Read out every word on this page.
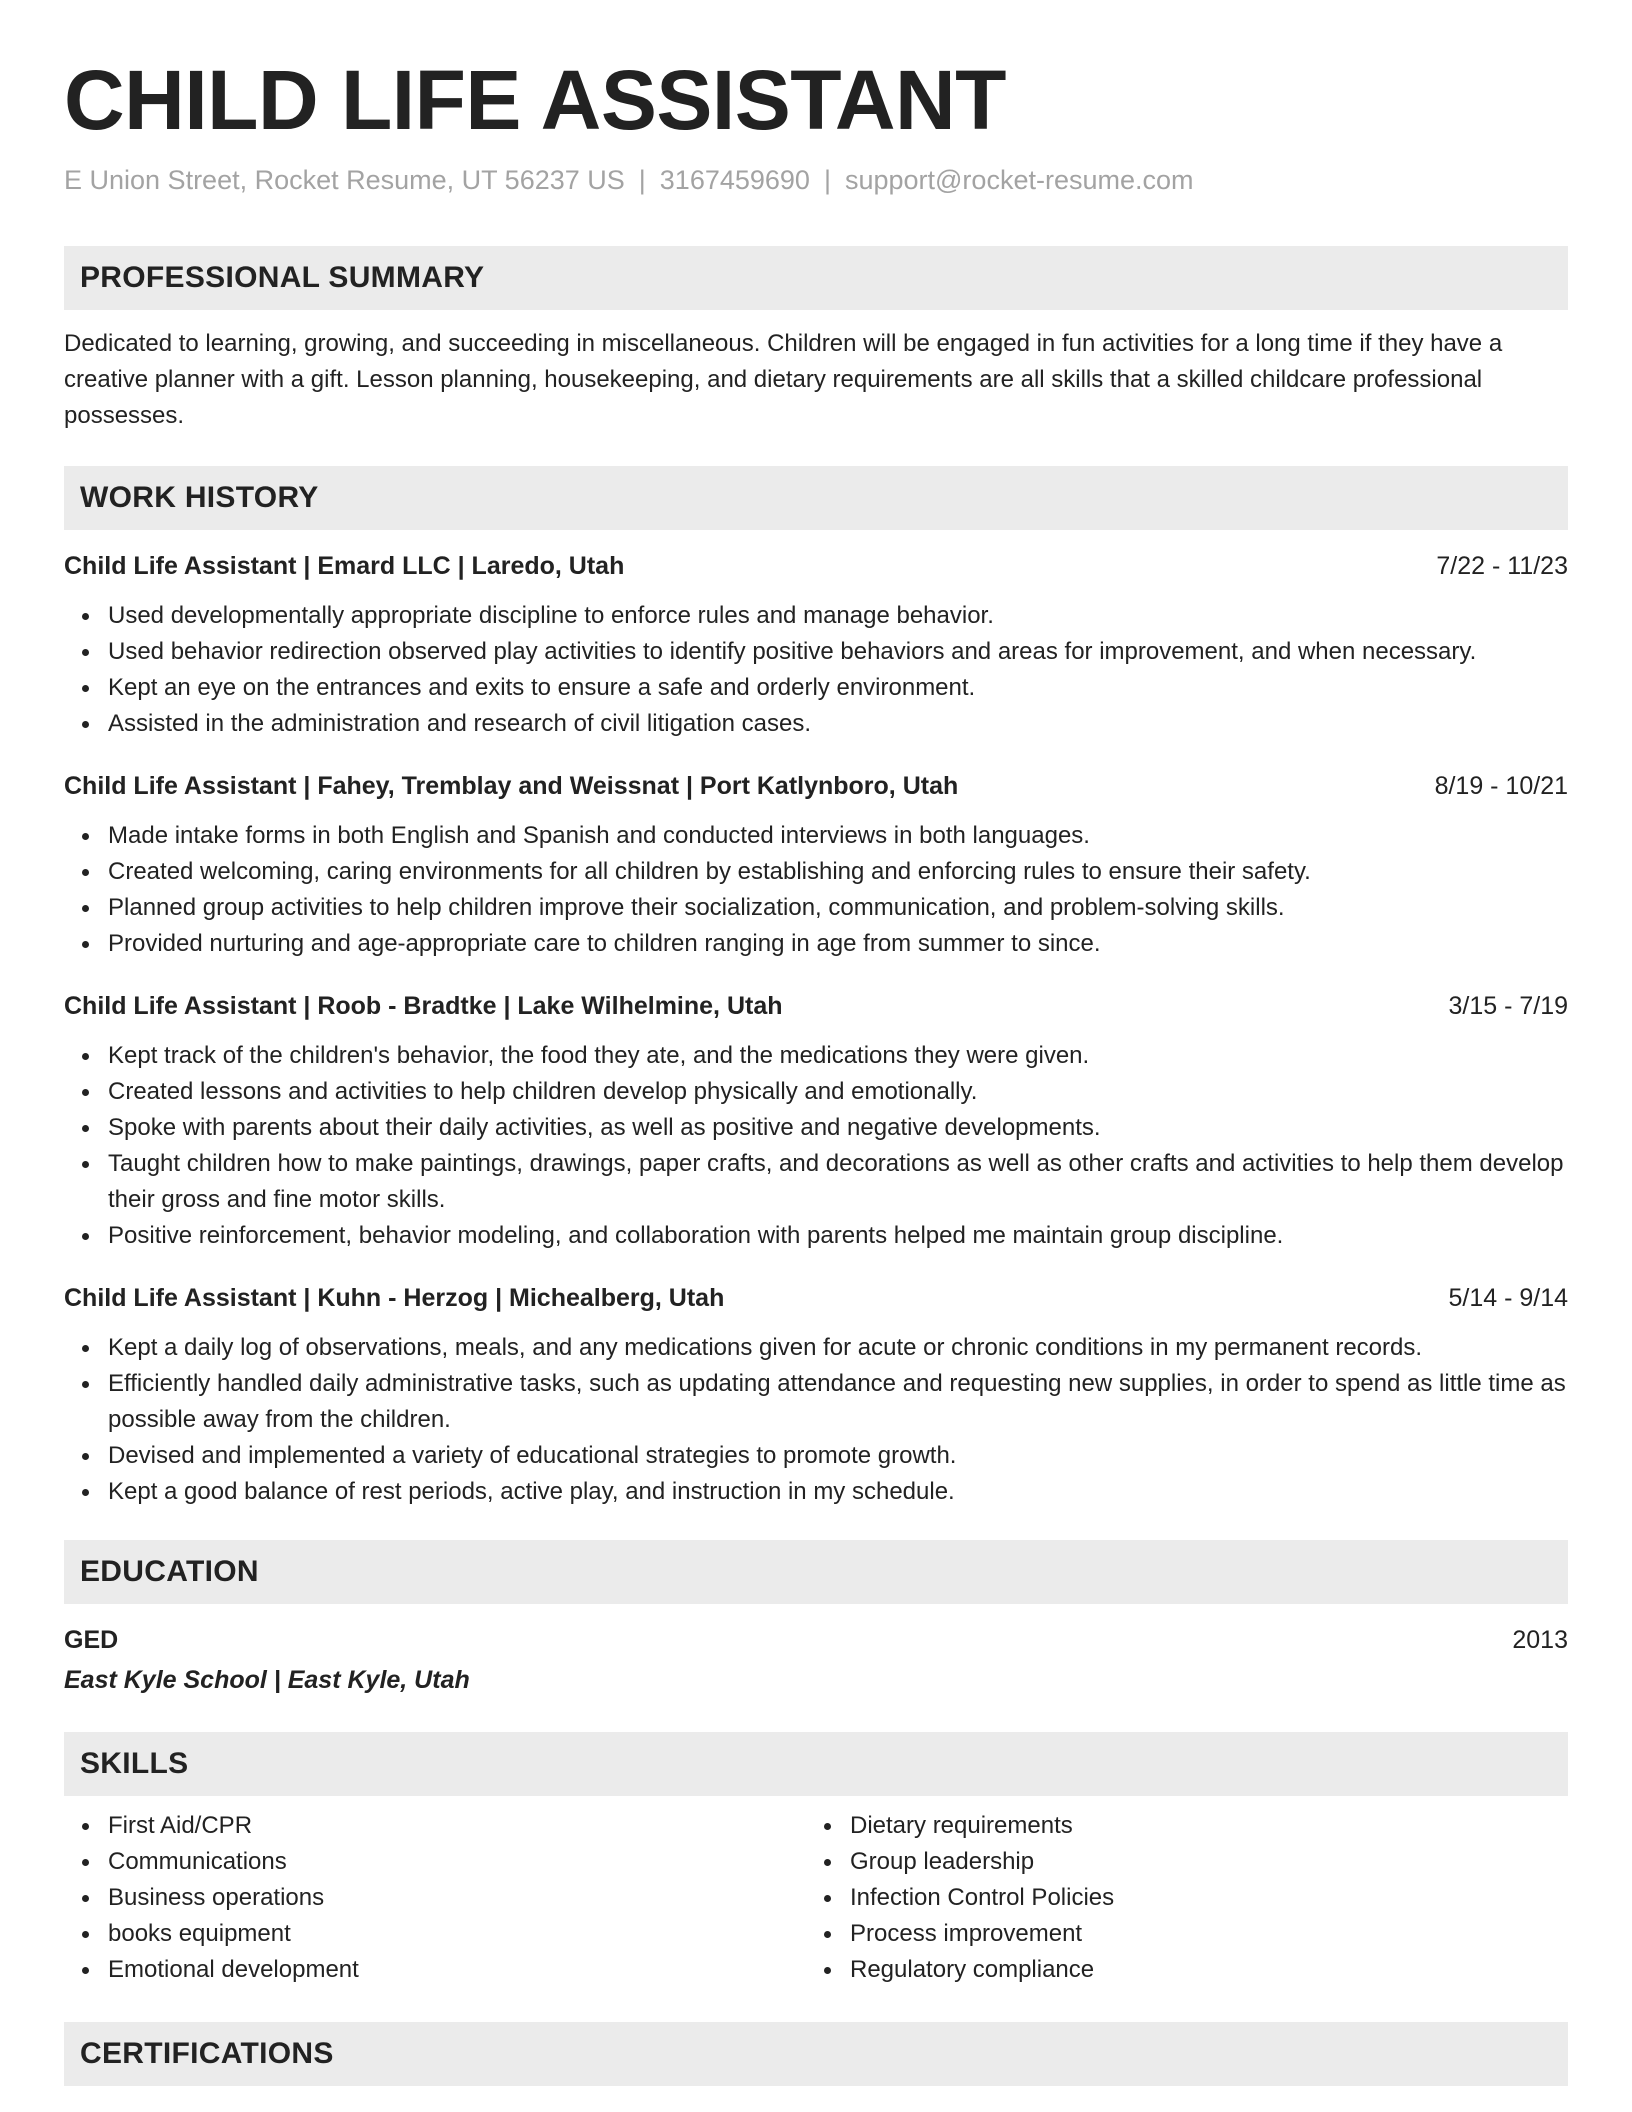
CHILD LIFE ASSISTANT
E Union Street, Rocket Resume, UT 56237 US | 3167459690 | support@rocket-resume.com
PROFESSIONAL SUMMARY
Dedicated to learning, growing, and succeeding in miscellaneous. Children will be engaged in fun activities for a long time if they have a creative planner with a gift. Lesson planning, housekeeping, and dietary requirements are all skills that a skilled childcare professional possesses.
WORK HISTORY
Child Life Assistant | Emard LLC | Laredo, Utah	7/22 - 11/23
Used developmentally appropriate discipline to enforce rules and manage behavior.
Used behavior redirection observed play activities to identify positive behaviors and areas for improvement, and when necessary.
Kept an eye on the entrances and exits to ensure a safe and orderly environment.
Assisted in the administration and research of civil litigation cases.
Child Life Assistant | Fahey, Tremblay and Weissnat | Port Katlynboro, Utah	8/19 - 10/21
Made intake forms in both English and Spanish and conducted interviews in both languages.
Created welcoming, caring environments for all children by establishing and enforcing rules to ensure their safety.
Planned group activities to help children improve their socialization, communication, and problem-solving skills.
Provided nurturing and age-appropriate care to children ranging in age from summer to since.
Child Life Assistant | Roob - Bradtke | Lake Wilhelmine, Utah	3/15 - 7/19
Kept track of the children's behavior, the food they ate, and the medications they were given.
Created lessons and activities to help children develop physically and emotionally.
Spoke with parents about their daily activities, as well as positive and negative developments.
Taught children how to make paintings, drawings, paper crafts, and decorations as well as other crafts and activities to help them develop their gross and fine motor skills.
Positive reinforcement, behavior modeling, and collaboration with parents helped me maintain group discipline.
Child Life Assistant | Kuhn - Herzog | Michealberg, Utah	5/14 - 9/14
Kept a daily log of observations, meals, and any medications given for acute or chronic conditions in my permanent records.
Efficiently handled daily administrative tasks, such as updating attendance and requesting new supplies, in order to spend as little time as possible away from the children.
Devised and implemented a variety of educational strategies to promote growth.
Kept a good balance of rest periods, active play, and instruction in my schedule.
EDUCATION
GED	2013
East Kyle School | East Kyle, Utah
SKILLS
First Aid/CPR
Communications
Business operations
books equipment
Emotional development
Dietary requirements
Group leadership
Infection Control Policies
Process improvement
Regulatory compliance
CERTIFICATIONS
